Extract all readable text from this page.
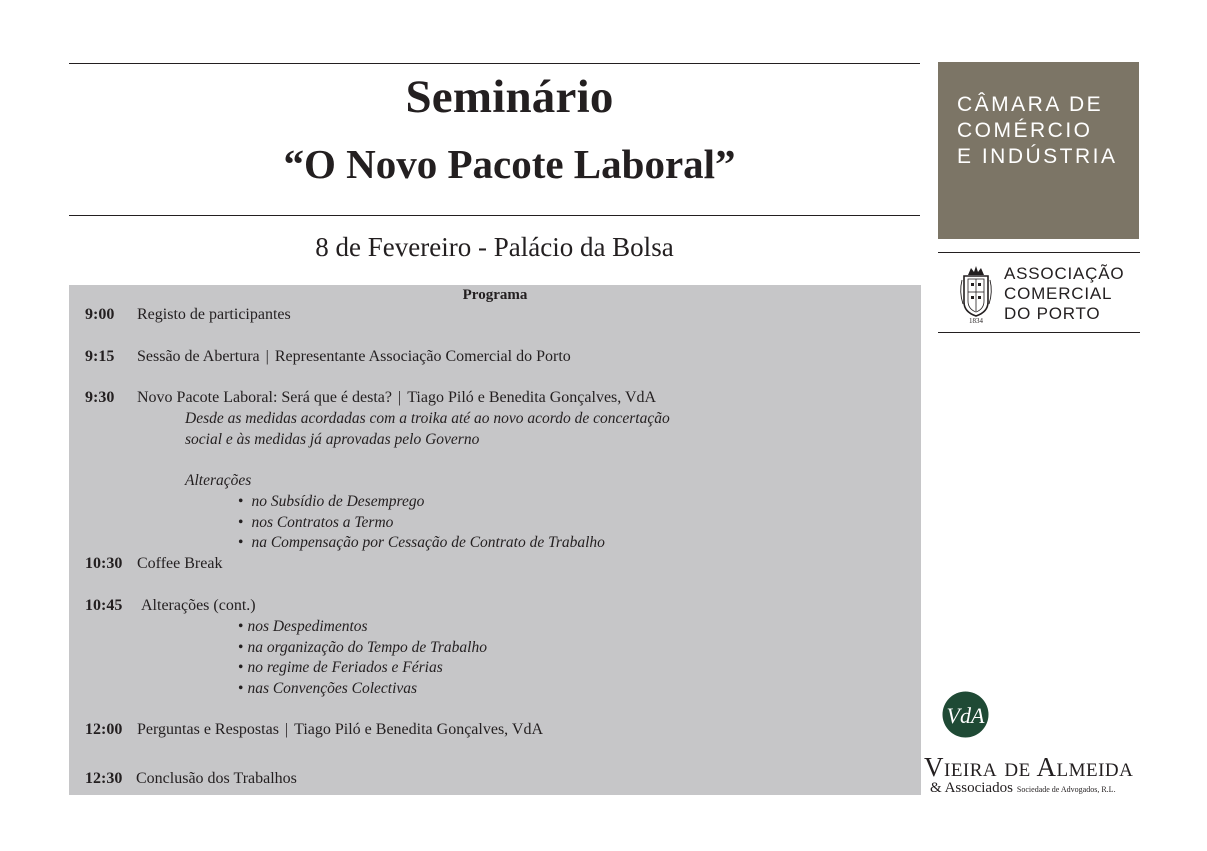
Seminário
“O Novo Pacote Laboral”
8 de Fevereiro - Palácio da Bolsa
Programa
9:00 Registo de participantes
9:15 Sessão de Abertura | Representante Associação Comercial do Porto
9:30 Novo Pacote Laboral: Será que é desta? | Tiago Piló e Benedita Gonçalves, VdA
Desde as medidas acordadas com a troika até ao novo acordo de concertação
social e às medidas já aprovadas pelo Governo
Alterações
• no Subsídio de Desemprego
• nos Contratos a Termo
• na Compensação por Cessação de Contrato de Trabalho
10:30 Coffee Break
10:45 Alterações (cont.)
• nos Despedimentos
• na organização do Tempo de Trabalho
• no regime de Feriados e Férias
• nas Convenções Colectivas
12:00 Perguntas e Respostas | Tiago Piló e Benedita Gonçalves, VdA
12:30 Conclusão dos Trabalhos
CÂMARA DE
COMÉRCIO
E INDÚSTRIA
1834
ASSOCIAÇÃO
COMERCIAL
DO PORTO
VdA
Vieira de Almeida
& Associados Sociedade de Advogados, R.L.
